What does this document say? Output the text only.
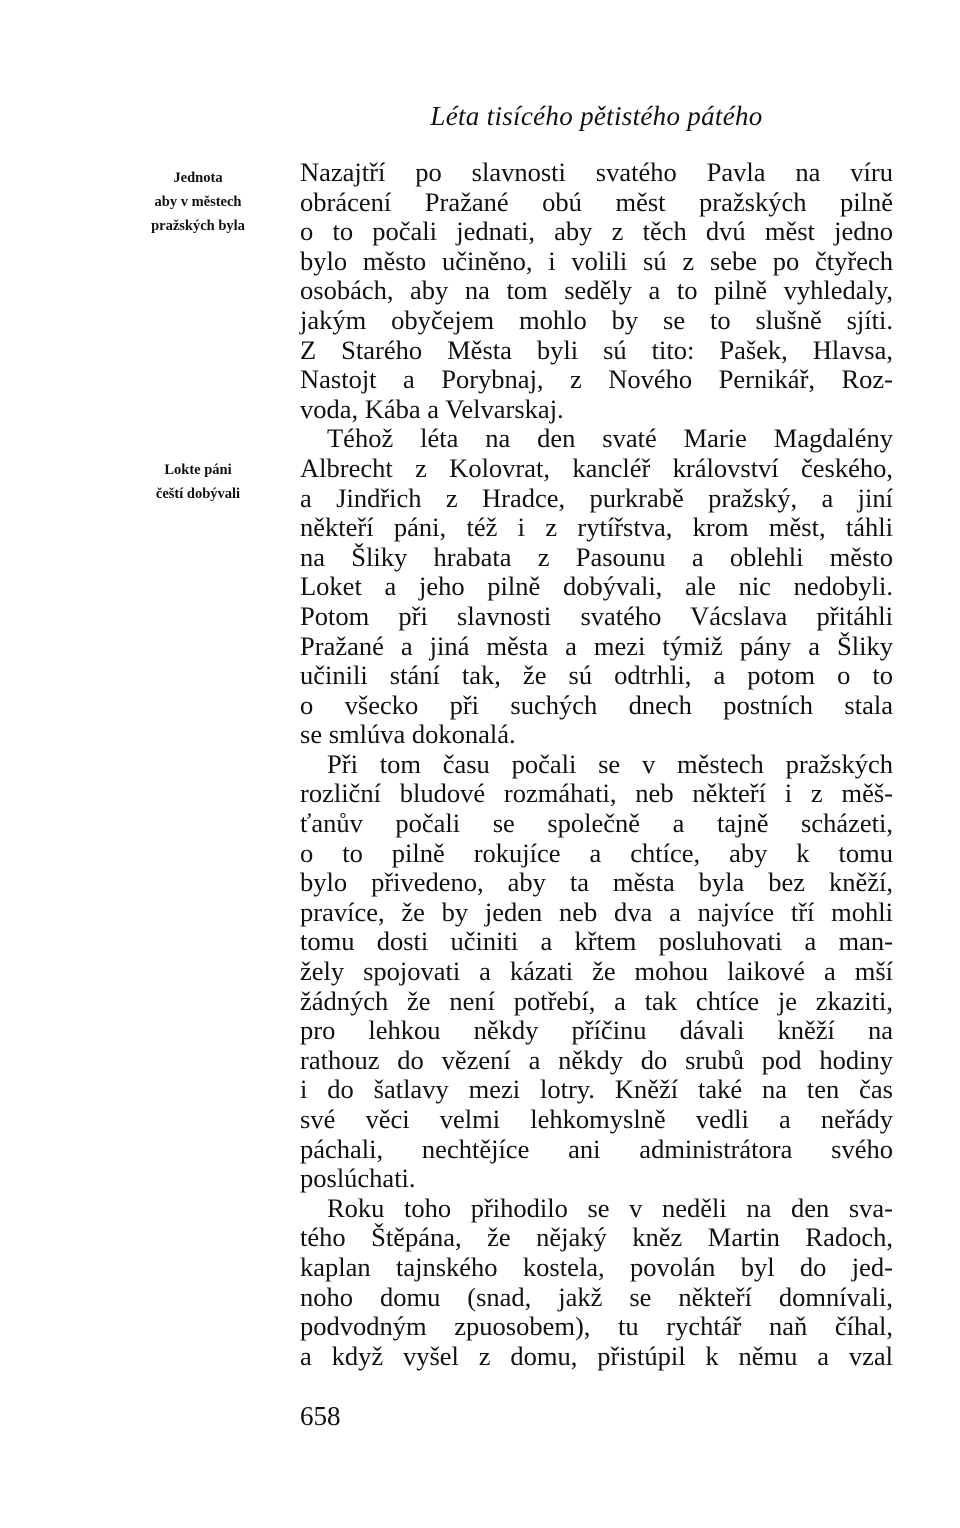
Léta tisícého pětistého pátého
Jednota
aby v městech
pražských byla
Lokte páni
čeští dobývali
Nazajtří po slavnosti svatého Pavla na víru
obrácení Pražané obú měst pražských pilně
o to počali jednati, aby z těch dvú měst jedno
bylo město učiněno, i volili sú z sebe po čtyřech
osobách, aby na tom seděly a to pilně vyhledaly,
jakým obyčejem mohlo by se to slušně sjíti.
Z Starého Města byli sú tito: Pašek, Hlavsa,
Nastojt a Porybnaj, z Nového Pernikář, Roz-
voda, Kába a Velvarskaj.
Téhož léta na den svaté Marie Magdalény
Albrecht z Kolovrat, kancléř království českého,
a Jindřich z Hradce, purkrabě pražský, a jiní
někteří páni, též i z rytířstva, krom měst, táhli
na Šliky hrabata z Pasounu a oblehli město
Loket a jeho pilně dobývali, ale nic nedobyli.
Potom při slavnosti svatého Vácslava přitáhli
Pražané a jiná města a mezi týmiž pány a Šliky
učinili stání tak, že sú odtrhli, a potom o to
o všecko při suchých dnech postních stala
se smlúva dokonalá.
Při tom času počali se v městech pražských
rozliční bludové rozmáhati, neb někteří i z měš-
ťanův počali se společně a tajně scházeti,
o to pilně rokujíce a chtíce, aby k tomu
bylo přivedeno, aby ta města byla bez kněží,
pravíce, že by jeden neb dva a najvíce tří mohli
tomu dosti učiniti a křtem posluhovati a man-
žely spojovati a kázati že mohou laikové a mší
žádných že není potřebí, a tak chtíce je zkaziti,
pro lehkou někdy příčinu dávali kněží na
rathouz do vězení a někdy do srubů pod hodiny
i do šatlavy mezi lotry. Kněží také na ten čas
své věci velmi lehkomyslně vedli a neřády
páchali, nechtějíce ani administrátora svého
poslúchati.
Roku toho přihodilo se v neděli na den sva-
tého Štěpána, že nějaký kněz Martin Radoch,
kaplan tajnského kostela, povolán byl do jed-
noho domu (snad, jakž se někteří domnívali,
podvodným zpuosobem), tu rychtář naň číhal,
a když vyšel z domu, přistúpil k němu a vzal
658
